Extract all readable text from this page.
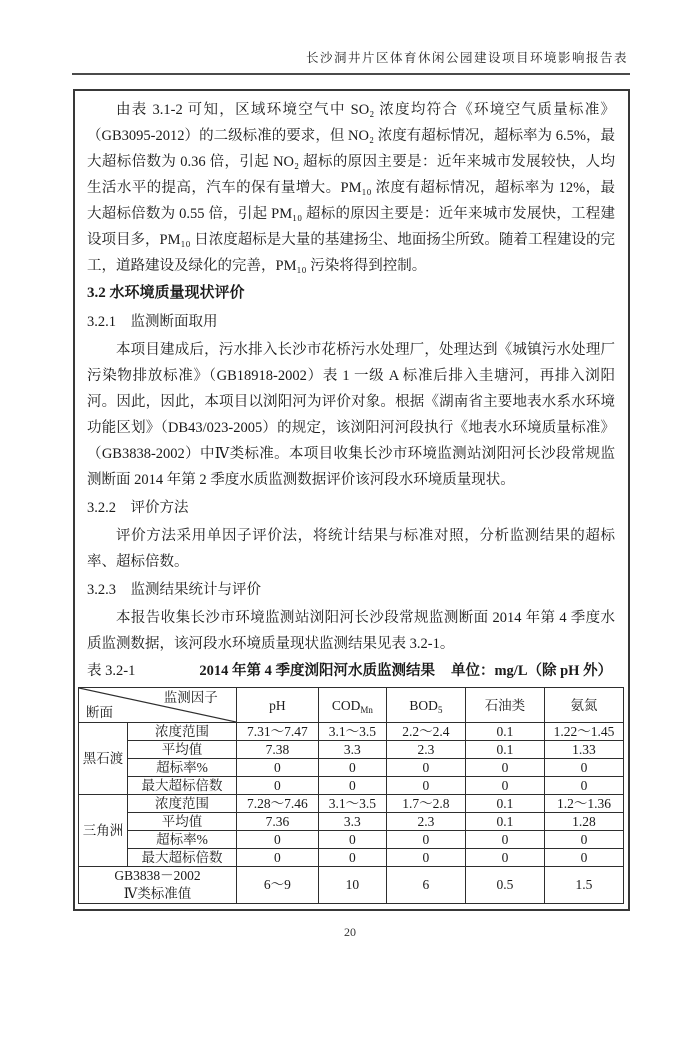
长沙洞井片区体育休闲公园建设项目环境影响报告表

由表 3.1-2 可知，区域环境空气中 SO₂ 浓度均符合《环境空气质量标准》（GB3095-2012）的二级标准的要求，但 NO₂ 浓度有超标情况，超标率为 6.5%，最大超标倍数为 0.36 倍，引起 NO₂ 超标的原因主要是：近年来城市发展较快，人均生活水平的提高，汽车的保有量增大。PM₁₀ 浓度有超标情况，超标率为 12%，最大超标倍数为 0.55 倍，引起 PM₁₀ 超标的原因主要是：近年来城市发展快，工程建设项目多，PM₁₀ 日浓度超标是大量的基建扬尘、地面扬尘所致。随着工程建设的完工，道路建设及绿化的完善，PM₁₀ 污染将得到控制。

3.2 水环境质量现状评价

3.2.1　监测断面取用

本项目建成后，污水排入长沙市花桥污水处理厂，处理达到《城镇污水处理厂污染物排放标准》（GB18918-2002）表 1 一级 A 标准后排入圭塘河，再排入浏阳河。因此，因此，本项目以浏阳河为评价对象。根据《湖南省主要地表水系水环境功能区划》（DB43/023-2005）的规定，该浏阳河河段执行《地表水环境质量标准》（GB3838-2002）中Ⅳ类标准。本项目收集长沙市环境监测站浏阳河长沙段常规监测断面 2014 年第 2 季度水质监测数据评价该河段水环境质量现状。

3.2.2　评价方法

评价方法采用单因子评价法，将统计结果与标准对照，分析监测结果的超标率、超标倍数。

3.2.3　监测结果统计与评价

本报告收集长沙市环境监测站浏阳河长沙段常规监测断面 2014 年第 4 季度水质监测数据，该河段水环境质量现状监测结果见表 3.2-1。

表 3.2-1	2014 年第 4 季度浏阳河水质监测结果 单位：mg/L（除 pH 外）

监测因子
断面		pH	$COD_{Mn}$	$BOD_5$	石油类	氨氮
黑石渡	浓度范围	7.31～7.47	3.1～3.5	2.2～2.4	0.1	1.22～1.45
	平均值	7.38	3.3	2.3	0.1	1.33
	超标率%	0	0	0	0	0
	最大超标倍数	0	0	0	0	0
三角洲	浓度范围	7.28～7.46	3.1～3.5	1.7～2.8	0.1	1.2～1.36
	平均值	7.36	3.3	2.3	0.1	1.28
	超标率%	0	0	0	0	0
	最大超标倍数	0	0	0	0	0

GB3838－2002
Ⅳ类标准值		6～9	10	6	0.5	1.5
20
